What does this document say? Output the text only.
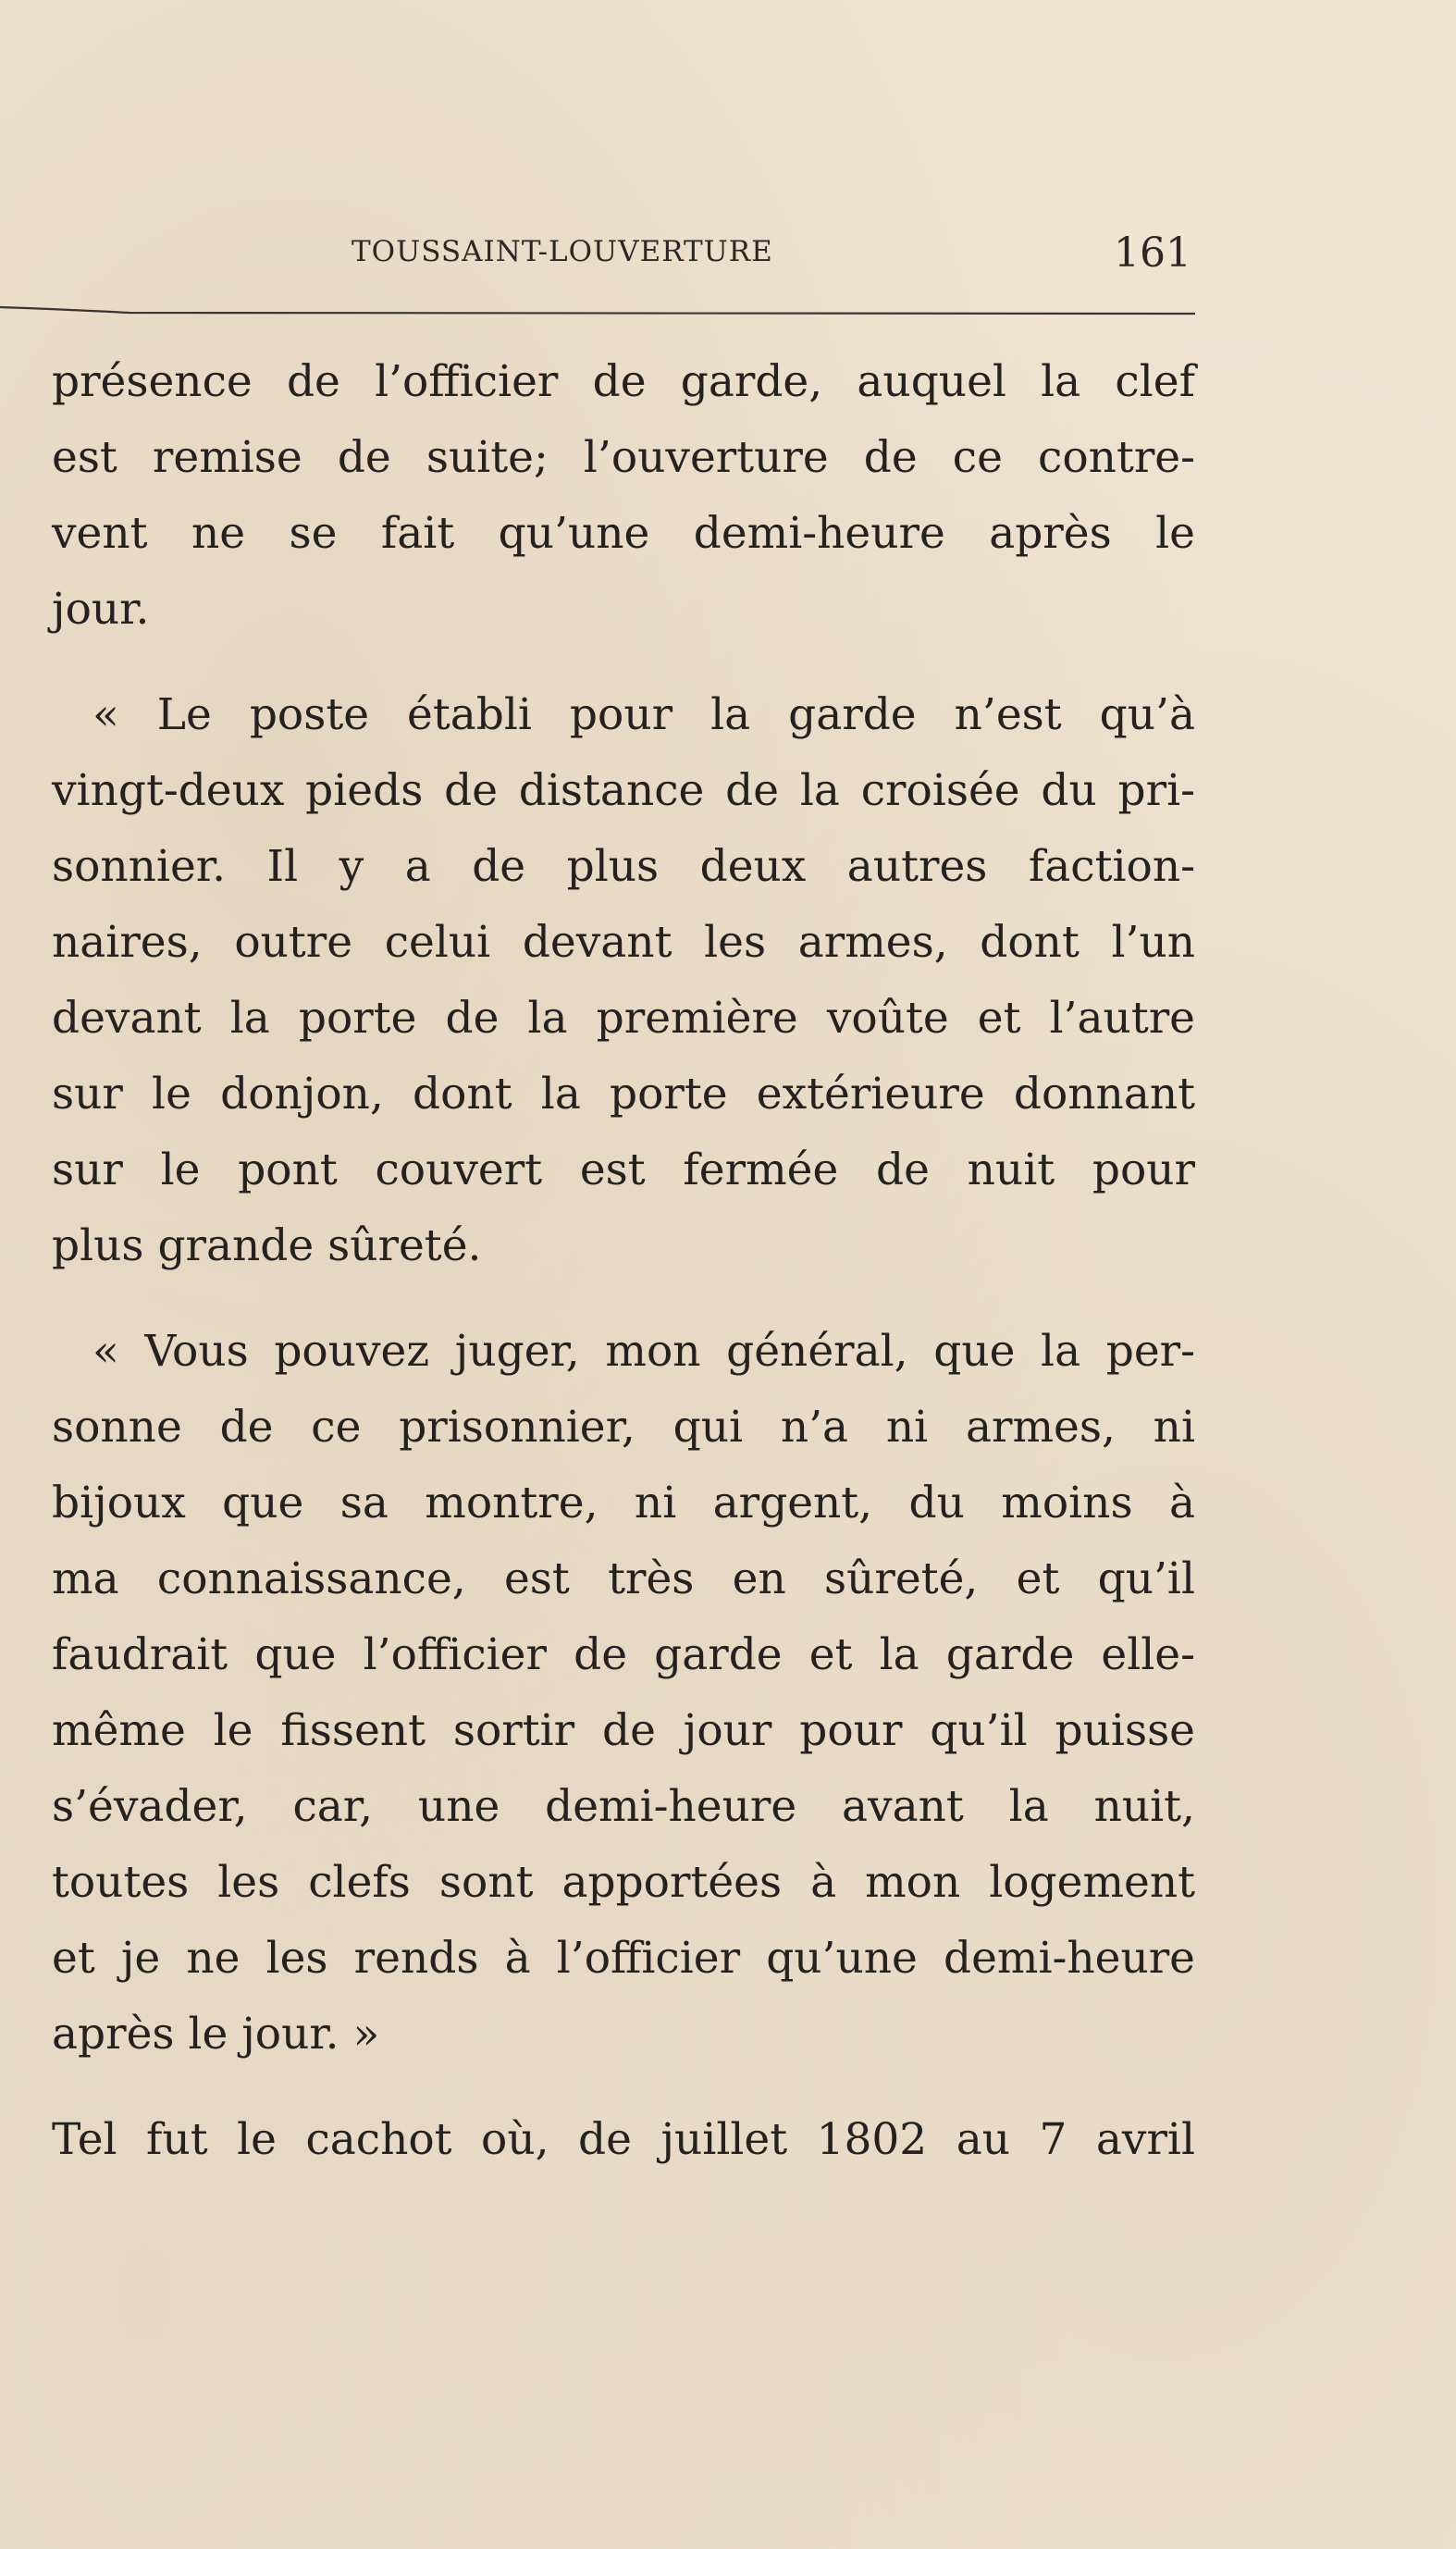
TOUSSAINT-LOUVERTURE	161
présence de l’officier de garde, auquel la clef
est remise de suite; l’ouverture de ce contre-
vent ne se fait qu’une demi-heure après le
jour.
« Le poste établi pour la garde n’est qu’à
vingt-deux pieds de distance de la croisée du pri-
sonnier. Il y a de plus deux autres faction-
naires, outre celui devant les armes, dont l’un
devant la porte de la première voûte et l’autre
sur le donjon, dont la porte extérieure donnant
sur le pont couvert est fermée de nuit pour
plus grande sûreté.
« Vous pouvez juger, mon général, que la per-
sonne de ce prisonnier, qui n’a ni armes, ni
bijoux que sa montre, ni argent, du moins à
ma connaissance, est très en sûreté, et qu’il
faudrait que l’officier de garde et la garde elle-
même le fissent sortir de jour pour qu’il puisse
s’évader, car, une demi-heure avant la nuit,
toutes les clefs sont apportées à mon logement
et je ne les rends à l’officier qu’une demi-heure
après le jour. »
Tel fut le cachot où, de juillet 1802 au 7 avril
